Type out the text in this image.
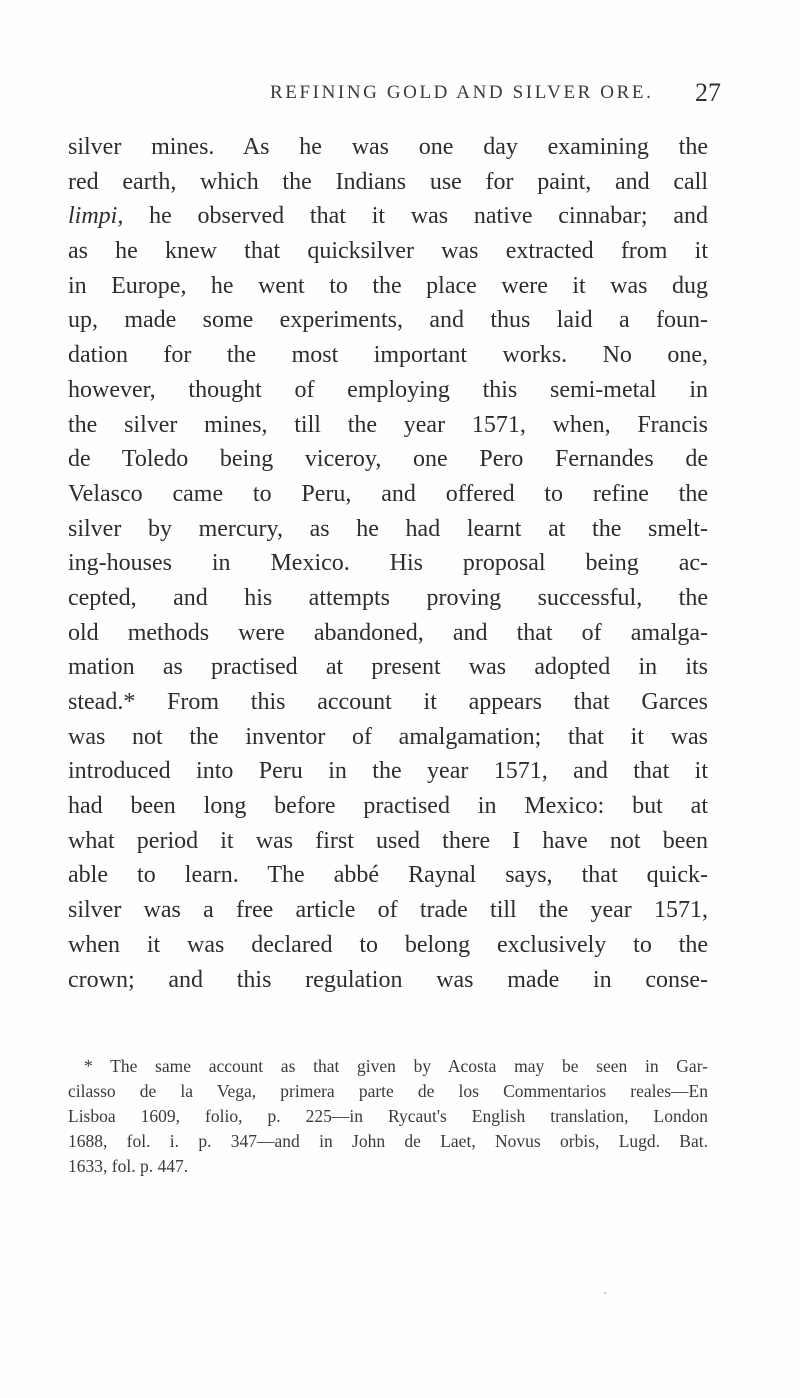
REFINING GOLD AND SILVER ORE. 27
silver mines. As he was one day examining the
red earth, which the Indians use for paint, and call
limpi, he observed that it was native cinnabar; and
as he knew that quicksilver was extracted from it
in Europe, he went to the place were it was dug
up, made some experiments, and thus laid a foun-
dation for the most important works. No one,
however, thought of employing this semi-metal in
the silver mines, till the year 1571, when, Francis
de Toledo being viceroy, one Pero Fernandes de
Velasco came to Peru, and offered to refine the
silver by mercury, as he had learnt at the smelt-
ing-houses in Mexico. His proposal being ac-
cepted, and his attempts proving successful, the
old methods were abandoned, and that of amalga-
mation as practised at present was adopted in its
stead.* From this account it appears that Garces
was not the inventor of amalgamation; that it was
introduced into Peru in the year 1571, and that it
had been long before practised in Mexico: but at
what period it was first used there I have not been
able to learn. The abbé Raynal says, that quick-
silver was a free article of trade till the year 1571,
when it was declared to belong exclusively to the
crown; and this regulation was made in conse-
* The same account as that given by Acosta may be seen in Gar-
cilasso de la Vega, primera parte de los Commentarios reales—En
Lisboa 1609, folio, p. 225—in Rycaut's English translation, London
1688, fol. i. p. 347—and in John de Laet, Novus orbis, Lugd. Bat.
1633, fol. p. 447.
